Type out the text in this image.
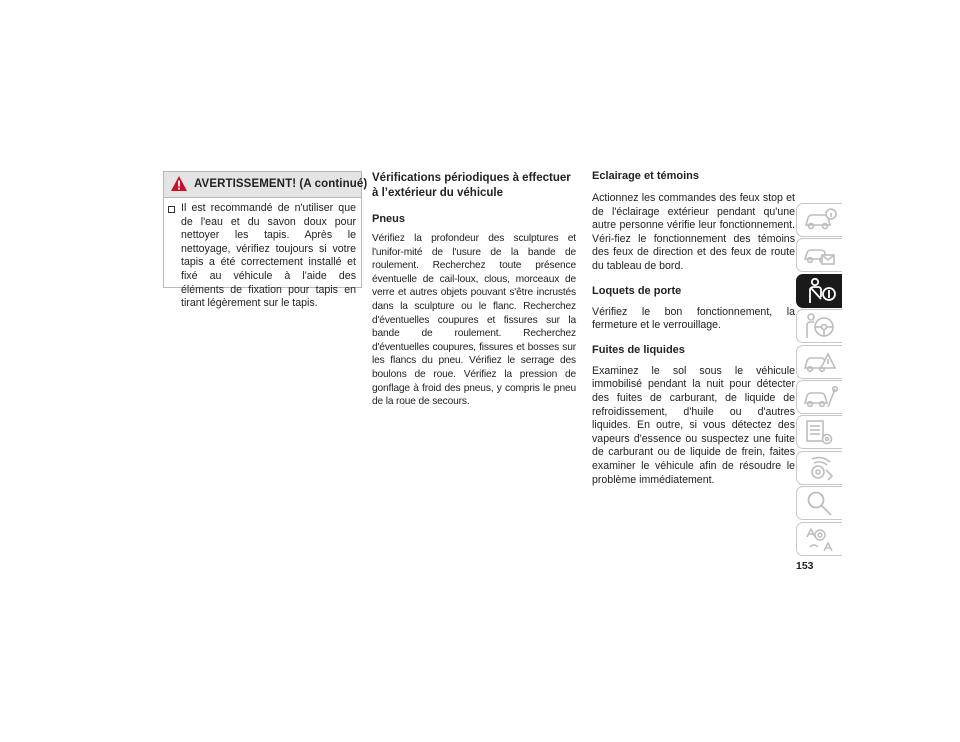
AVERTISSEMENT! (A continué)

Il est recommandé de n'utiliser que de l'eau et du savon doux pour nettoyer les tapis. Après le nettoyage, vérifiez toujours si votre tapis a été correctement installé et fixé au véhicule à l'aide des éléments de fixation pour tapis en tirant légèrement sur le tapis.

Vérifications périodiques à effectuer à l’extérieur du véhicule
Pneus

Vérifiez la profondeur des sculptures et l'unifor-mité de l'usure de la bande de roulement. Recherchez toute présence éventuelle de cail-loux, clous, morceaux de verre et autres objets pouvant s'être incrustés dans la sculpture ou le flanc. Recherchez d'éventuelles coupures et fissures sur la bande de roulement. Recherchez d'éventuelles coupures, fissures et bosses sur les flancs du pneu. Vérifiez le serrage des boulons de roue. Vérifiez la pression de gonflage à froid des pneus, y compris le pneu de la roue de secours.

Eclairage et témoins

Actionnez les commandes des feux stop et de l'éclairage extérieur pendant qu'une autre personne vérifie leur fonctionnement. Véri-fiez le fonctionnement des témoins des feux de direction et des feux de route du tableau de bord.

Loquets de porte

Vérifiez le bon fonctionnement, la fermeture et le verrouillage.

Fuites de liquides

Examinez le sol sous le véhicule immobilisé pendant la nuit pour détecter des fuites de carburant, de liquide de refroidissement, d'huile ou d'autres liquides. En outre, si vous détectez des vapeurs d'essence ou suspectez une fuite de carburant ou de liquide de frein, faites examiner le véhicule afin de résoudre le problème immédiatement.

153
